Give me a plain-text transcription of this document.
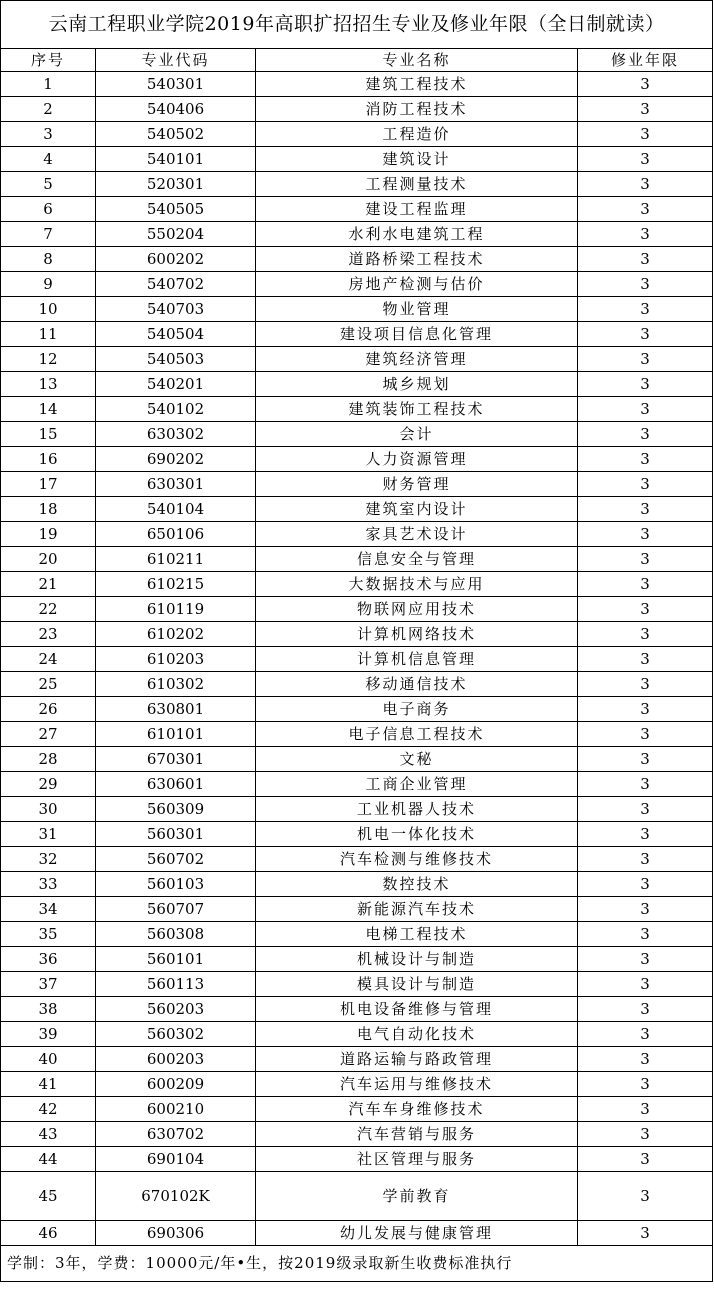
云南工程职业学院2019年高职扩招招生专业及修业年限（全日制就读）			
序号	专业代码	专业名称	修业年限
1	540301	建筑工程技术	3
2	540406	消防工程技术	3
3	540502	工程造价	3
4	540101	建筑设计	3
5	520301	工程测量技术	3
6	540505	建设工程监理	3
7	550204	水利水电建筑工程	3
8	600202	道路桥梁工程技术	3
9	540702	房地产检测与估价	3
10	540703	物业管理	3
11	540504	建设项目信息化管理	3
12	540503	建筑经济管理	3
13	540201	城乡规划	3
14	540102	建筑装饰工程技术	3
15	630302	会计	3
16	690202	人力资源管理	3
17	630301	财务管理	3
18	540104	建筑室内设计	3
19	650106	家具艺术设计	3
20	610211	信息安全与管理	3
21	610215	大数据技术与应用	3
22	610119	物联网应用技术	3
23	610202	计算机网络技术	3
24	610203	计算机信息管理	3
25	610302	移动通信技术	3
26	630801	电子商务	3
27	610101	电子信息工程技术	3
28	670301	文秘	3
29	630601	工商企业管理	3
30	560309	工业机器人技术	3
31	560301	机电一体化技术	3
32	560702	汽车检测与维修技术	3
33	560103	数控技术	3
34	560707	新能源汽车技术	3
35	560308	电梯工程技术	3
36	560101	机械设计与制造	3
37	560113	模具设计与制造	3
38	560203	机电设备维修与管理	3
39	560302	电气自动化技术	3
40	600203	道路运输与路政管理	3
41	600209	汽车运用与维修技术	3
42	600210	汽车车身维修技术	3
43	630702	汽车营销与服务	3
44	690104	社区管理与服务	3
45	670102K	学前教育	3
46	690306	幼儿发展与健康管理	3
学制：3年，学费：10000元/年•生，按2019级录取新生收费标准执行			
